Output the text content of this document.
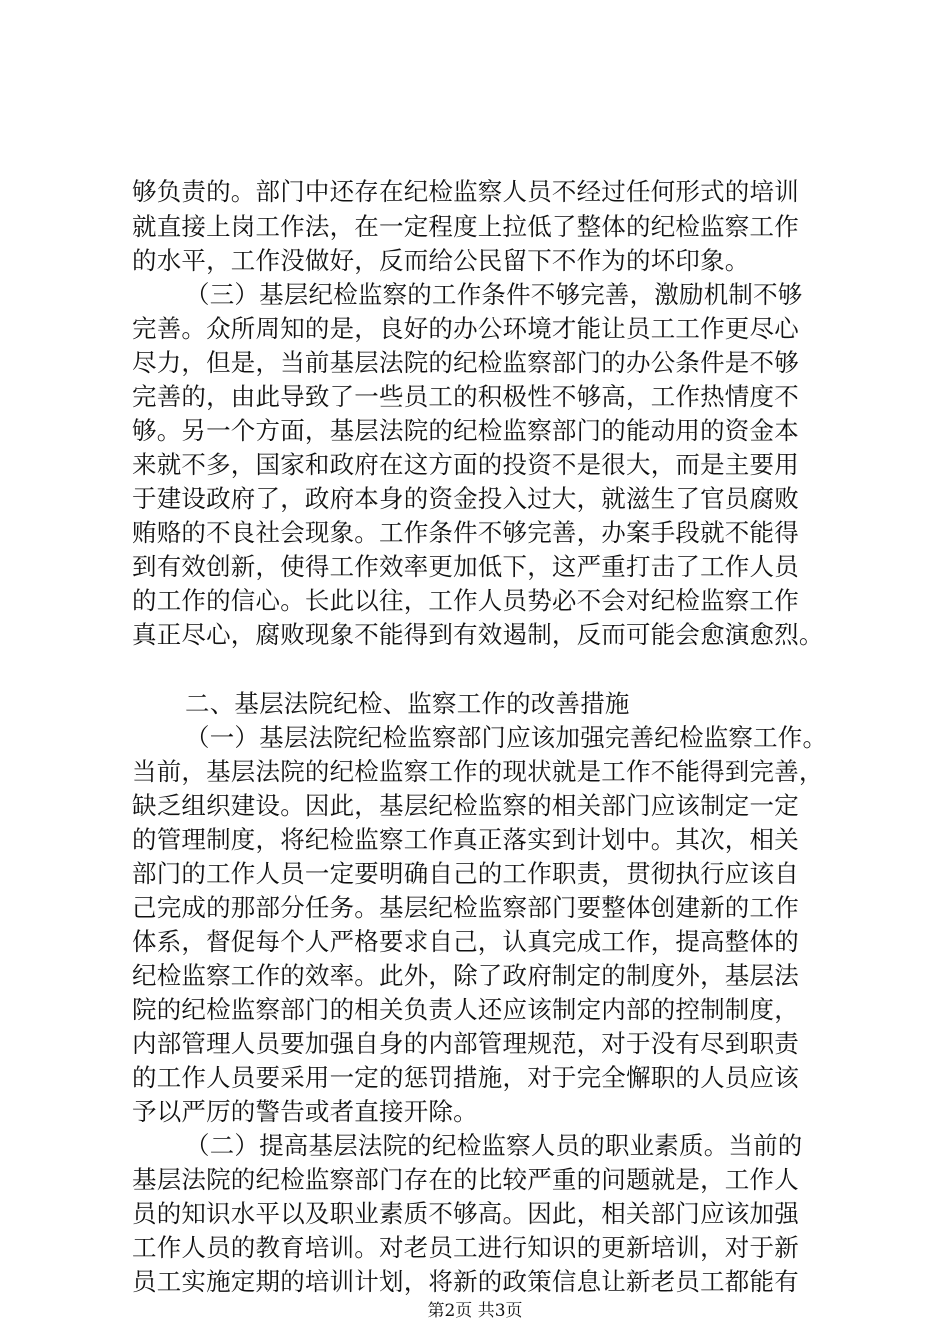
够负责的。部门中还存在纪检监察人员不经过任何形式的培训
就直接上岗工作法，在一定程度上拉低了整体的纪检监察工作
的水平，工作没做好，反而给公民留下不作为的坏印象。
（三）基层纪检监察的工作条件不够完善，激励机制不够
完善。众所周知的是，良好的办公环境才能让员工工作更尽心
尽力，但是，当前基层法院的纪检监察部门的办公条件是不够
完善的，由此导致了一些员工的积极性不够高，工作热情度不
够。另一个方面，基层法院的纪检监察部门的能动用的资金本
来就不多，国家和政府在这方面的投资不是很大，而是主要用
于建设政府了，政府本身的资金投入过大，就滋生了官员腐败
贿赂的不良社会现象。工作条件不够完善，办案手段就不能得
到有效创新，使得工作效率更加低下，这严重打击了工作人员
的工作的信心。长此以往，工作人员势必不会对纪检监察工作
真正尽心，腐败现象不能得到有效遏制，反而可能会愈演愈烈。
二、基层法院纪检、监察工作的改善措施
（一）基层法院纪检监察部门应该加强完善纪检监察工作。
当前，基层法院的纪检监察工作的现状就是工作不能得到完善，
缺乏组织建设。因此，基层纪检监察的相关部门应该制定一定
的管理制度，将纪检监察工作真正落实到计划中。其次，相关
部门的工作人员一定要明确自己的工作职责，贯彻执行应该自
己完成的那部分任务。基层纪检监察部门要整体创建新的工作
体系，督促每个人严格要求自己，认真完成工作，提高整体的
纪检监察工作的效率。此外，除了政府制定的制度外，基层法
院的纪检监察部门的相关负责人还应该制定内部的控制制度，
内部管理人员要加强自身的内部管理规范，对于没有尽到职责
的工作人员要采用一定的惩罚措施，对于完全懈职的人员应该
予以严厉的警告或者直接开除。
（二）提高基层法院的纪检监察人员的职业素质。当前的
基层法院的纪检监察部门存在的比较严重的问题就是，工作人
员的知识水平以及职业素质不够高。因此，相关部门应该加强
工作人员的教育培训。对老员工进行知识的更新培训，对于新
员工实施定期的培训计划，将新的政策信息让新老员工都能有
第2页 共3页
